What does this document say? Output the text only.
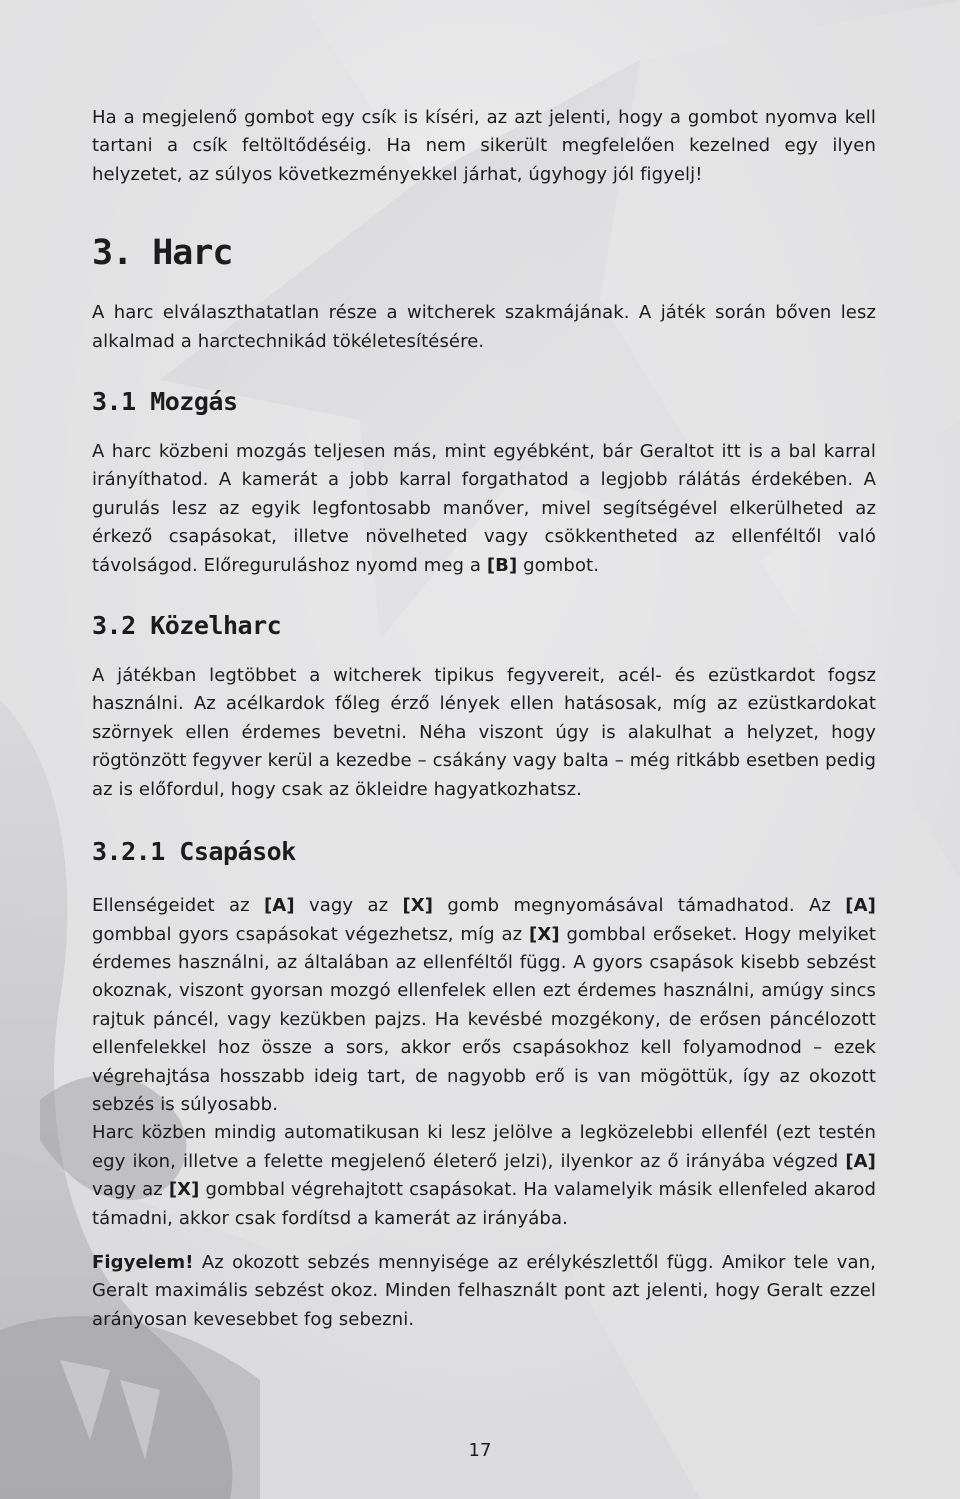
Ha a megjelenő gombot egy csík is kíséri, az azt jelenti, hogy a gombot nyomva kell tartani a csík feltöltődéséig. Ha nem sikerült megfelelően kezelned egy ilyen helyzetet, az súlyos következményekkel járhat, úgyhogy jól figyelj!

3. Harc

A harc elválaszthatatlan része a witcherek szakmájának. A játék során bőven lesz alkalmad a harctechnikád tökéletesítésére.

3.1 Mozgás

A harc közbeni mozgás teljesen más, mint egyébként, bár Geraltot itt is a bal karral irányíthatod. A kamerát a jobb karral forgathatod a legjobb rálátás érdekében. A gurulás lesz az egyik legfontosabb manőver, mivel segítségével elkerülheted az érkező csapásokat, illetve növelheted vagy csökkentheted az ellenféltől való távolságod. Előreguruláshoz nyomd meg a [B] gombot.

3.2 Közelharc

A játékban legtöbbet a witcherek tipikus fegyvereit, acél- és ezüstkardot fogsz használni. Az acélkardok főleg érző lények ellen hatásosak, míg az ezüstkardokat szörnyek ellen érdemes bevetni. Néha viszont úgy is alakulhat a helyzet, hogy rögtönzött fegyver kerül a kezedbe – csákány vagy balta – még ritkább esetben pedig az is előfordul, hogy csak az ökleidre hagyatkozhatsz.

3.2.1 Csapások

Ellenségeidet az [A] vagy az [X] gomb megnyomásával támadhatod. Az [A] gombbal gyors csapásokat végezhetsz, míg az [X] gombbal erőseket. Hogy melyiket érdemes használni, az általában az ellenféltől függ. A gyors csapások kisebb sebzést okoznak, viszont gyorsan mozgó ellenfelek ellen ezt érdemes használni, amúgy sincs rajtuk páncél, vagy kezükben pajzs. Ha kevésbé mozgékony, de erősen páncélozott ellenfelekkel hoz össze a sors, akkor erős csapásokhoz kell folyamodnod – ezek végrehajtása hosszabb ideig tart, de nagyobb erő is van mögöttük, így az okozott sebzés is súlyosabb.

Harc közben mindig automatikusan ki lesz jelölve a legközelebbi ellenfél (ezt testén egy ikon, illetve a felette megjelenő életerő jelzi), ilyenkor az ő irányába végzed [A] vagy az [X] gombbal végrehajtott csapásokat. Ha valamelyik másik ellenfeled akarod támadni, akkor csak fordítsd a kamerát az irányába.

Figyelem! Az okozott sebzés mennyisége az erélykészlettől függ. Amikor tele van, Geralt maximális sebzést okoz. Minden felhasznált pont azt jelenti, hogy Geralt ezzel arányosan kevesebbet fog sebezni.

17
